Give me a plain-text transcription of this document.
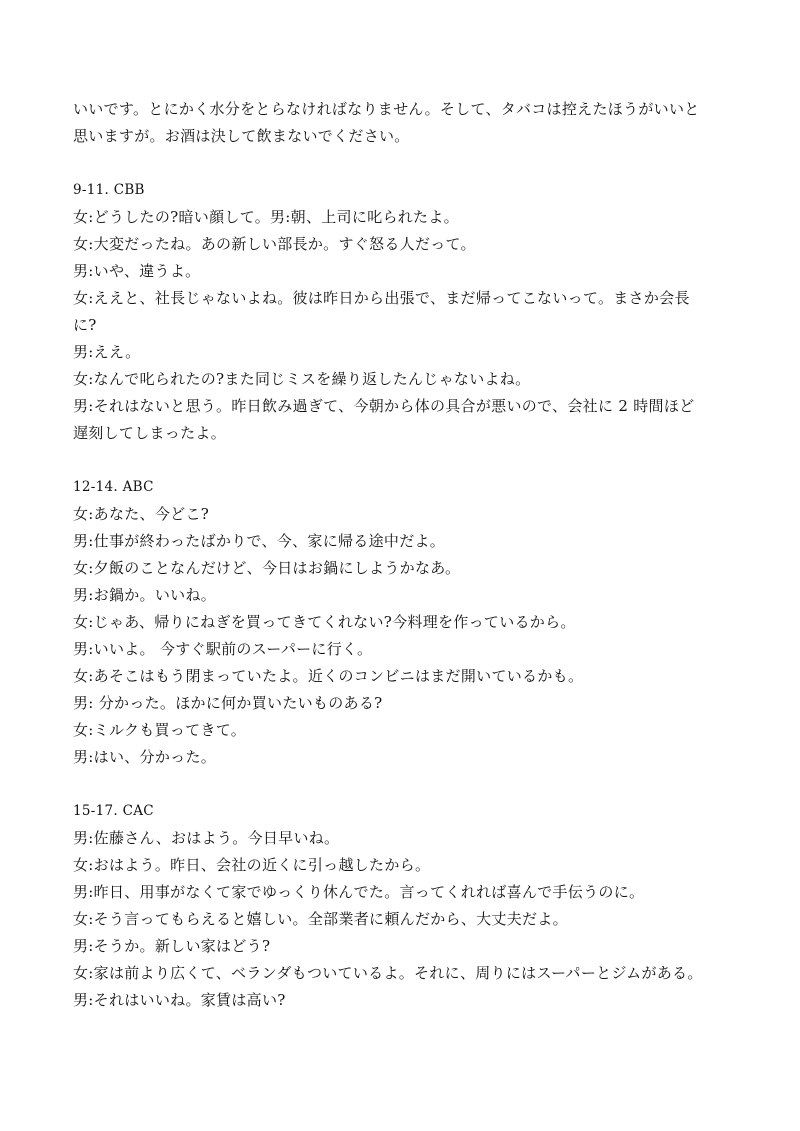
いいです。とにかく水分をとらなければなりません。そして、タバコは控えたほうがいいと
思いますが。お酒は決して飲まないでください。
9-11. CBB
女:どうしたの?暗い顔して。男:朝、上司に叱られたよ。
女:大変だったね。あの新しい部長か。すぐ怒る人だって。
男:いや、違うよ。
女:ええと、社長じゃないよね。彼は昨日から出張で、まだ帰ってこないって。まさか会長
に?
男:ええ。
女:なんで叱られたの?また同じミスを繰り返したんじゃないよね。
男:それはないと思う。昨日飲み過ぎて、今朝から体の具合が悪いので、会社に 2 時間ほど
遅刻してしまったよ。
12-14. ABC
女:あなた、今どこ?
男:仕事が終わったばかりで、今、家に帰る途中だよ。
女:夕飯のことなんだけど、今日はお鍋にしようかなあ。
男:お鍋か。いいね。
女:じゃあ、帰りにねぎを買ってきてくれない?今料理を作っているから。
男:いいよ。 今すぐ駅前のスーパーに行く。
女:あそこはもう閉まっていたよ。近くのコンビニはまだ開いているかも。
男: 分かった。ほかに何か買いたいものある?
女:ミルクも買ってきて。
男:はい、分かった。
15-17. CAC
男:佐藤さん、おはよう。今日早いね。
女:おはよう。昨日、会社の近くに引っ越したから。
男:昨日、用事がなくて家でゆっくり休んでた。言ってくれれば喜んで手伝うのに。
女:そう言ってもらえると嬉しい。全部業者に頼んだから、大丈夫だよ。
男:そうか。新しい家はどう?
女:家は前より広くて、ベランダもついているよ。それに、周りにはスーパーとジムがある。
男:それはいいね。家賃は高い?
